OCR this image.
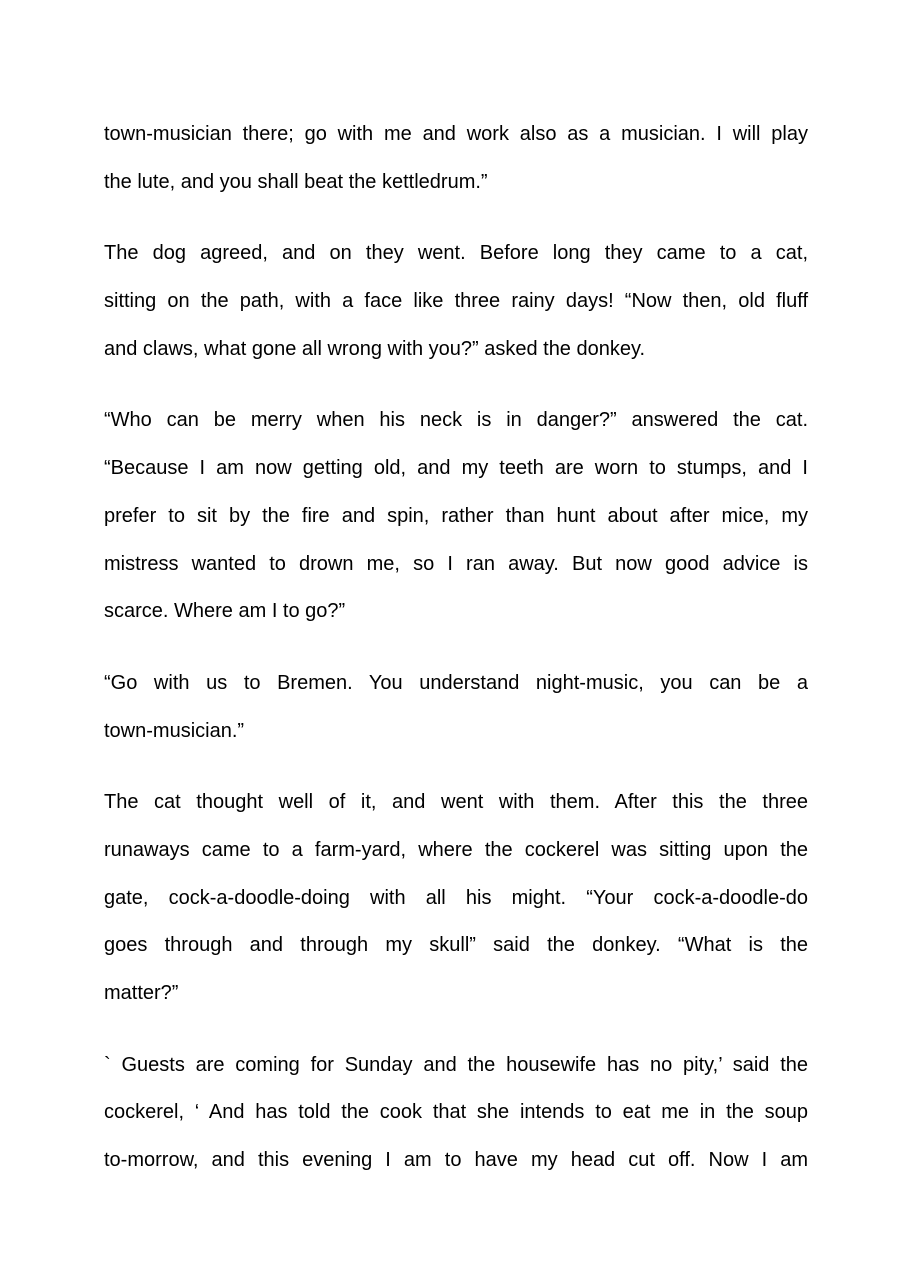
town-musician there; go with me and work also as a musician. I will play
the lute, and you shall beat the kettledrum.”
The dog agreed, and on they went. Before long they came to a cat,
sitting on the path, with a face like three rainy days! “Now then, old fluff
and claws, what gone all wrong with you?” asked the donkey.
“Who can be merry when his neck is in danger?” answered the cat.
“Because I am now getting old, and my teeth are worn to stumps, and I
prefer to sit by the fire and spin, rather than hunt about after mice, my
mistress wanted to drown me, so I ran away. But now good advice is
scarce. Where am I to go?”
“Go with us to Bremen. You understand night-music, you can be a
town-musician.”
The cat thought well of it, and went with them. After this the three
runaways came to a farm-yard, where the cockerel was sitting upon the
gate, cock-a-doodle-doing with all his might. “Your cock-a-doodle-do
goes through and through my skull” said the donkey. “What is the
matter?”
` Guests are coming for Sunday and the housewife has no pity,’ said the
cockerel, ‘ And has told the cook that she intends to eat me in the soup
to-morrow, and this evening I am to have my head cut off. Now I am
